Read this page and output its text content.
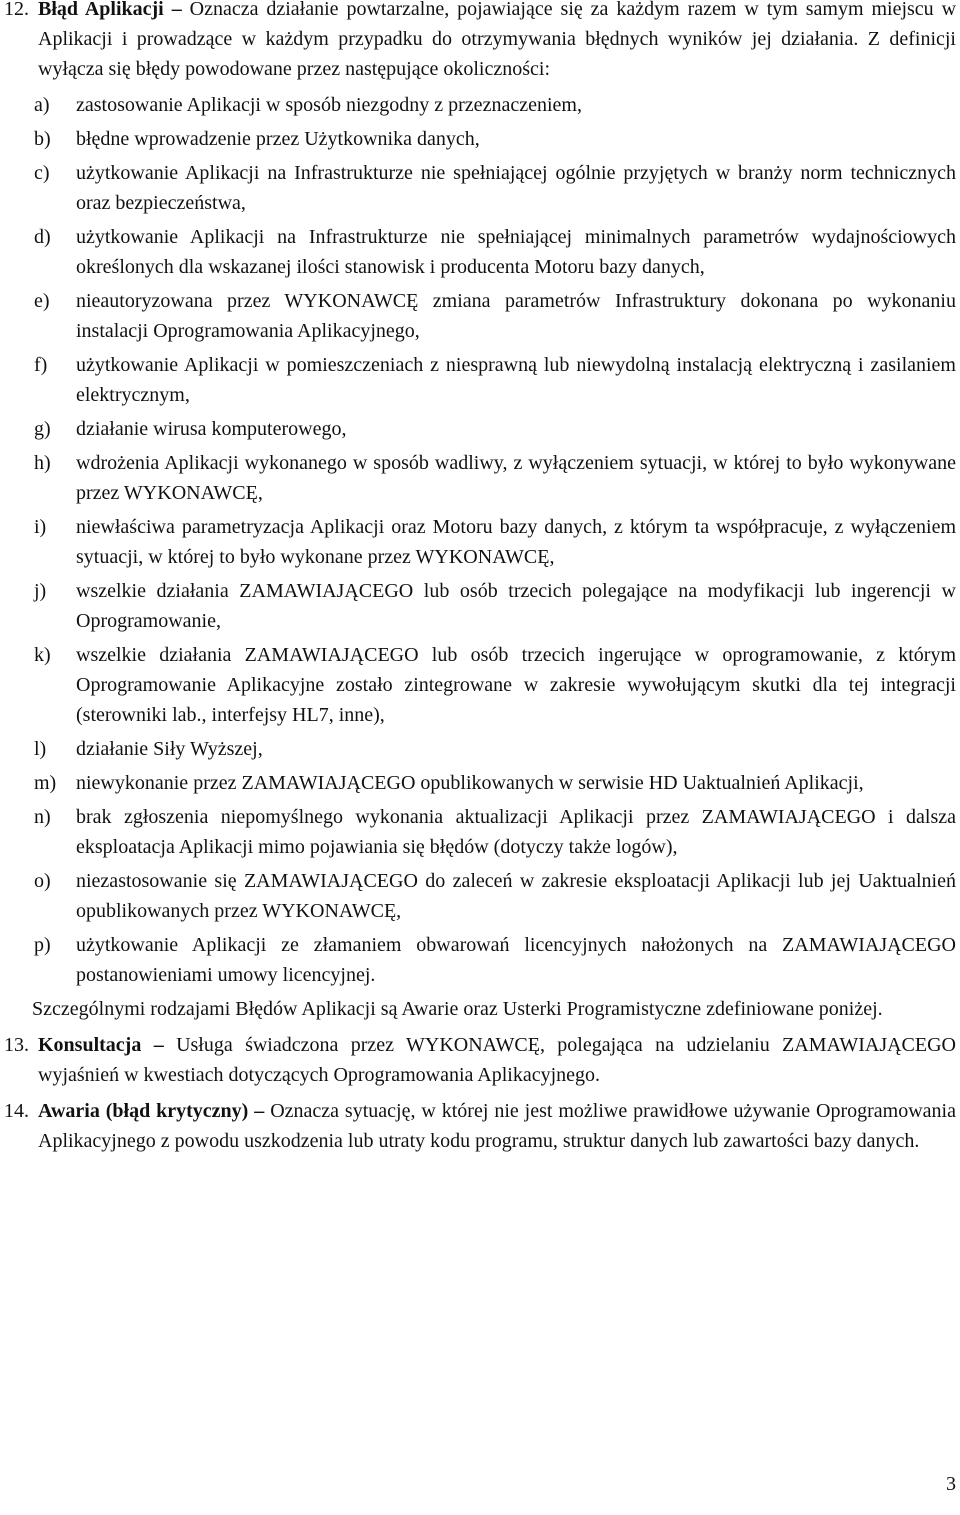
12. Błąd Aplikacji – Oznacza działanie powtarzalne, pojawiające się za każdym razem w tym samym miejscu w Aplikacji i prowadzące w każdym przypadku do otrzymywania błędnych wyników jej działania. Z definicji wyłącza się błędy powodowane przez następujące okoliczności:
a) zastosowanie Aplikacji w sposób niezgodny z przeznaczeniem,
b) błędne wprowadzenie przez Użytkownika danych,
c) użytkowanie Aplikacji na Infrastrukturze nie spełniającej ogólnie przyjętych w branży norm technicznych oraz bezpieczeństwa,
d) użytkowanie Aplikacji na Infrastrukturze nie spełniającej minimalnych parametrów wydajnościowych określonych dla wskazanej ilości stanowisk i producenta Motoru bazy danych,
e) nieautoryzowana przez WYKONAWCĘ zmiana parametrów Infrastruktury dokonana po wykonaniu instalacji Oprogramowania Aplikacyjnego,
f) użytkowanie Aplikacji w pomieszczeniach z niesprawną lub niewydolną instalacją elektryczną i zasilaniem elektrycznym,
g) działanie wirusa komputerowego,
h) wdrożenia Aplikacji wykonanego w sposób wadliwy, z wyłączeniem sytuacji, w której to było wykonywane przez WYKONAWCĘ,
i) niewłaściwa parametryzacja Aplikacji oraz Motoru bazy danych, z którym ta współpracuje, z wyłączeniem sytuacji, w której to było wykonane przez WYKONAWCĘ,
j) wszelkie działania ZAMAWIAJĄCEGO lub osób trzecich polegające na modyfikacji lub ingerencji w Oprogramowanie,
k) wszelkie działania ZAMAWIAJĄCEGO lub osób trzecich ingerujące w oprogramowanie, z którym Oprogramowanie Aplikacyjne zostało zintegrowane w zakresie wywołującym skutki dla tej integracji (sterowniki lab., interfejsy HL7, inne),
l) działanie Siły Wyższej,
m) niewykonanie przez ZAMAWIAJĄCEGO opublikowanych w serwisie HD Uaktualnień Aplikacji,
n) brak zgłoszenia niepomyślnego wykonania aktualizacji Aplikacji przez ZAMAWIAJĄCEGO i dalsza eksploatacja Aplikacji mimo pojawiania się błędów (dotyczy także logów),
o) niezastosowanie się ZAMAWIAJĄCEGO do zaleceń w zakresie eksploatacji Aplikacji lub jej Uaktualnień opublikowanych przez WYKONAWCĘ,
p) użytkowanie Aplikacji ze złamaniem obwarowań licencyjnych nałożonych na ZAMAWIAJĄCEGO postanowieniami umowy licencyjnej.

Szczególnymi rodzajami Błędów Aplikacji są Awarie oraz Usterki Programistyczne zdefiniowane poniżej.

13. Konsultacja – Usługa świadczona przez WYKONAWCĘ, polegająca na udzielaniu ZAMAWIAJĄCEGO wyjaśnień w kwestiach dotyczących Oprogramowania Aplikacyjnego.
14. Awaria (błąd krytyczny) – Oznacza sytuację, w której nie jest możliwe prawidłowe używanie Oprogramowania Aplikacyjnego z powodu uszkodzenia lub utraty kodu programu, struktur danych lub zawartości bazy danych.
3
